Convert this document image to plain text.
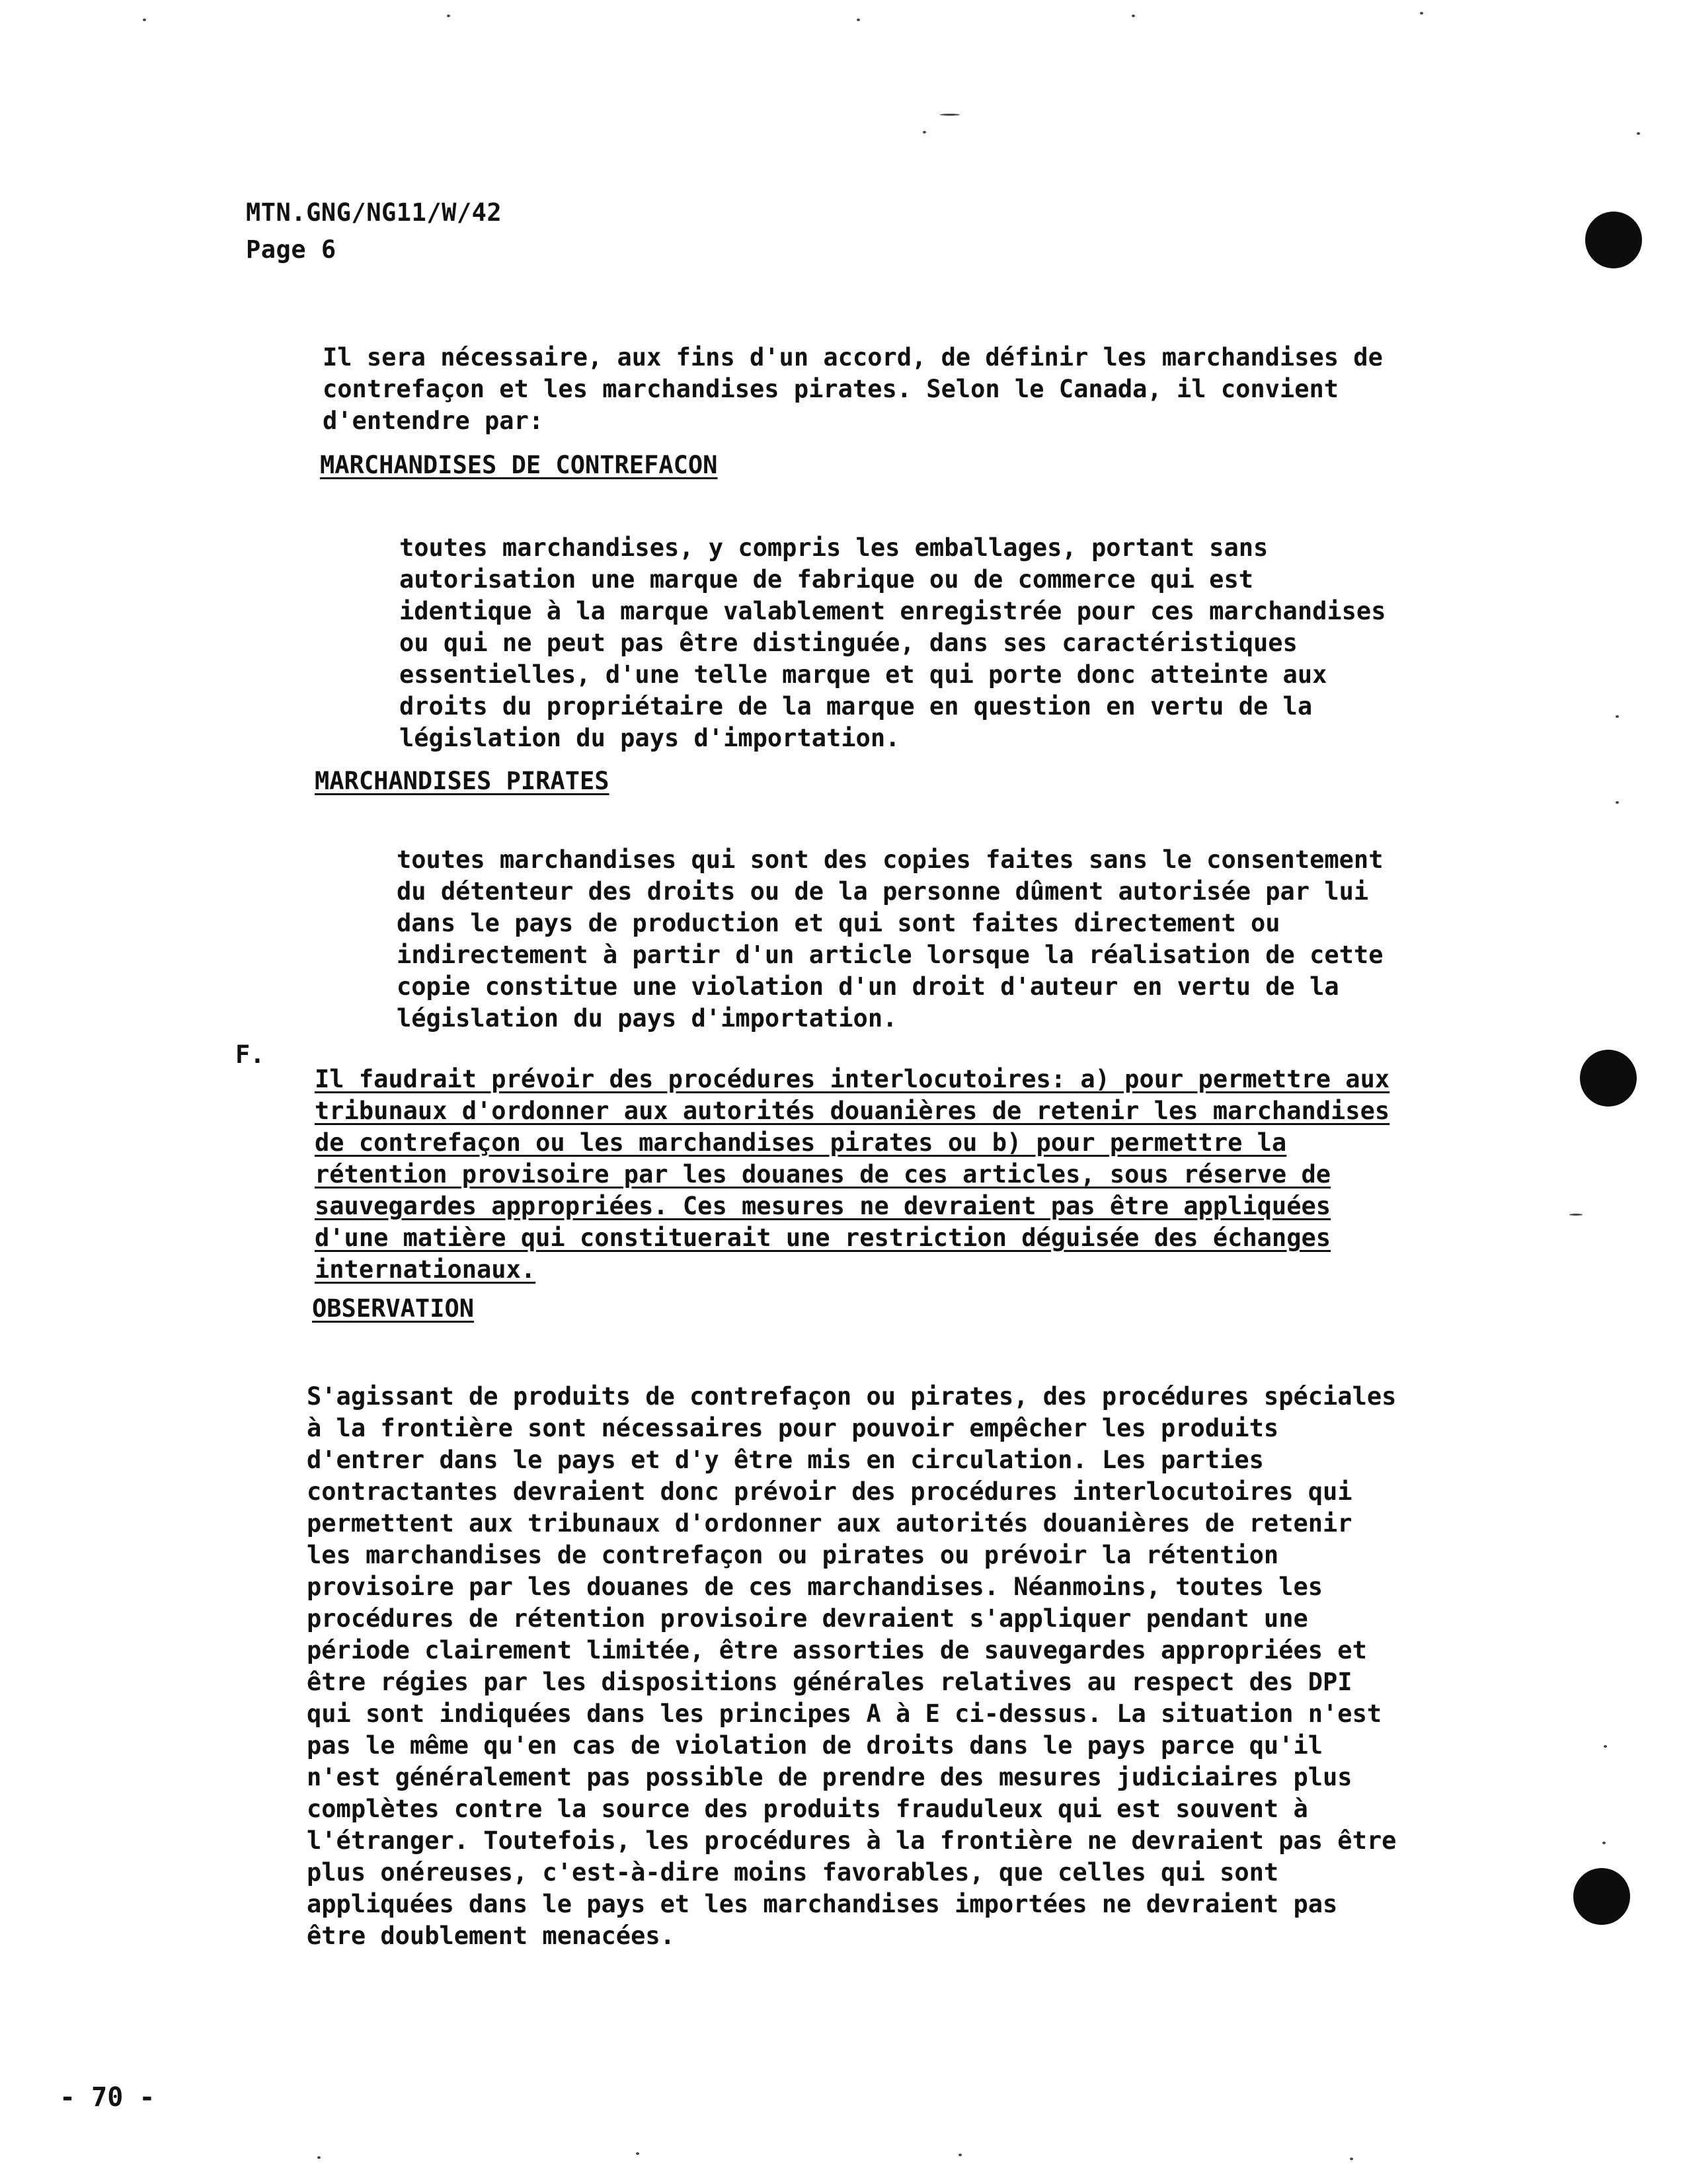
MTN.GNG/NG11/W/42
Page 6

Il sera nécessaire, aux fins d'un accord, de définir les marchandises de contrefaçon et les marchandises pirates. Selon le Canada, il convient d'entendre par:

MARCHANDISES DE CONTREFACON

toutes marchandises, y compris les emballages, portant sans autorisation une marque de fabrique ou de commerce qui est identique à la marque valablement enregistrée pour ces marchandises ou qui ne peut pas être distinguée, dans ses caractéristiques essentielles, d'une telle marque et qui porte donc atteinte aux droits du propriétaire de la marque en question en vertu de la législation du pays d'importation.

MARCHANDISES PIRATES

toutes marchandises qui sont des copies faites sans le consentement du détenteur des droits ou de la personne dûment autorisée par lui dans le pays de production et qui sont faites directement ou indirectement à partir d'un article lorsque la réalisation de cette copie constitue une violation d'un droit d'auteur en vertu de la législation du pays d'importation.

F.

Il faudrait prévoir des procédures interlocutoires: a) pour permettre aux tribunaux d'ordonner aux autorités douanières de retenir les marchandises de contrefaçon ou les marchandises pirates ou b) pour permettre la rétention provisoire par les douanes de ces articles, sous réserve de sauvegardes appropriées. Ces mesures ne devraient pas être appliquées d'une matière qui constituerait une restriction déguisée des échanges internationaux.

OBSERVATION

S'agissant de produits de contrefaçon ou pirates, des procédures spéciales à la frontière sont nécessaires pour pouvoir empêcher les produits d'entrer dans le pays et d'y être mis en circulation. Les parties contractantes devraient donc prévoir des procédures interlocutoires qui permettent aux tribunaux d'ordonner aux autorités douanières de retenir les marchandises de contrefaçon ou pirates ou prévoir la rétention provisoire par les douanes de ces marchandises. Néanmoins, toutes les procédures de rétention provisoire devraient s'appliquer pendant une période clairement limitée, être assorties de sauvegardes appropriées et être régies par les dispositions générales relatives au respect des DPI qui sont indiquées dans les principes A à E ci-dessus. La situation n'est pas le même qu'en cas de violation de droits dans le pays parce qu'il n'est généralement pas possible de prendre des mesures judiciaires plus complètes contre la source des produits frauduleux qui est souvent à l'étranger. Toutefois, les procédures à la frontière ne devraient pas être plus onéreuses, c'est-à-dire moins favorables, que celles qui sont appliquées dans le pays et les marchandises importées ne devraient pas être doublement menacées.

- 70 -
